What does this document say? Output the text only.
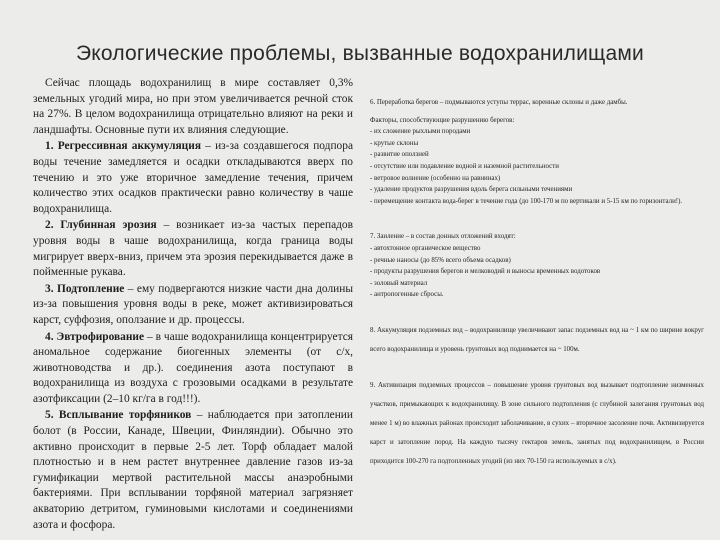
Экологические проблемы, вызванные водохранилищами

Сейчас площадь водохранилищ в мире составляет 0,3% земельных угодий мира, но при этом увеличивается речной сток на 27%. В целом водохранилища отрицательно влияют на реки и ландшафты. Основные пути их влияния следующие.

1. Регрессивная аккумуляция – из-за создавшегося подпора воды течение замедляется и осадки откладываются вверх по течению и это уже вторичное замедление течения, причем количество этих осадков практически равно количеству в чаше водохранилища.

2. Глубинная эрозия – возникает из-за частых перепадов уровня воды в чаше водохранилища, когда граница воды мигрирует вверх-вниз, причем эта эрозия перекидывается даже в пойменные рукава.

3. Подтопление – ему подвергаются низкие части дна долины из-за повышения уровня воды в реке, может активизироваться карст, суффозия, оползание и др. процессы.

4. Эвтрофирование – в чаше водохранилища концентрируется аномальное содержание биогенных элементы (от с/х, животноводства и др.). соединения азота поступают в водохранилища из воздуха с грозовыми осадками в результате азотфиксации (2–10 кг/га в год!!!).

5. Всплывание торфяников – наблюдается при затоплении болот (в России, Канаде, Швеции, Финляндии). Обычно это активно происходит в первые 2-5 лет. Торф обладает малой плотностью и в нем растет внутреннее давление газов из-за гумификации мертвой растительной массы анаэробными бактериями. При всплывании торфяной материал загрязняет акваторию детритом, гуминовыми кислотами и соединениями азота и фосфора.

6. Переработка берегов – подмываются уступы террас, коренные склоны и даже дамбы.

Факторы, способствующие разрушению берегов:

- их сложение рыхлыми породами

- крутые склоны

- развитие оползней

- отсутствие или подавление водной и наземной растительности

- ветровое волнение (особенно на равнинах)

- удаление продуктов разрушения вдоль берега сильными течениями

- перемещение контакта вода-берег в течение года (до 100-170 м по вертикали и 5-15 км по горизонтали!).

7. Заиление – в состав донных отложений входят:

- автохтонное органическое вещество

- речные наносы (до 85% всего объема осадков)

- продукты разрушения берегов и мелководий и выносы временных водотоков

- золовый материал

- антропогенные сбросы.

8. Аккумуляция подземных вод – водохранилище увеличивают запас подземных вод на ~ 1 км по ширине вокруг всего водохранилища и уровень грунтовых вод поднимается на ~ 100м.

9. Активизация подземных процессов – повышение уровня грунтовых вод вызывает подтопление низменных участков, примыкающих к водохранилищу. В зоне сильного подтопления (с глубиной залегания грунтовых вод менее 1 м) во влажных районах происходит заболачивание, в сухих – вторичное засоление почв. Активизируется карст и затопление пород. На каждую тысячу гектаров земель, занятых под водохранилищем, в России приходится 100-270 га подтопленных угодий (из них 70-150 га используемых в с/х).
